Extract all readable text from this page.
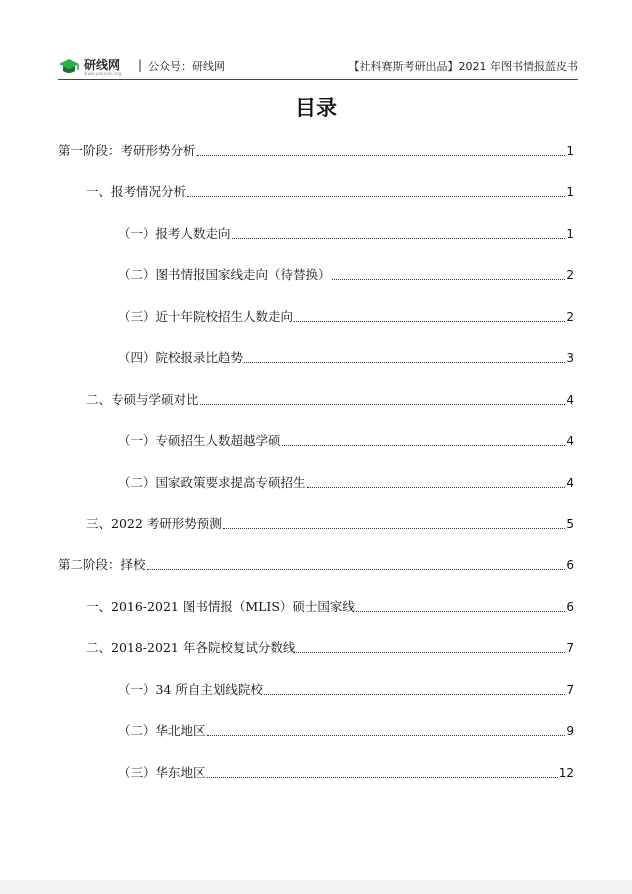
研线网
www.yanxian.org
| 公众号：研线网	【社科赛斯考研出品】2021 年图书情报蓝皮书
目录
第一阶段：考研形势分析	1
一、报考情况分析	1
（一）报考人数走向	1
（二）图书情报国家线走向（待替换）	2
（三）近十年院校招生人数走向	2
（四）院校报录比趋势	3
二、专硕与学硕对比	4
（一）专硕招生人数超越学硕	4
（二）国家政策要求提高专硕招生	4
三、2022 考研形势预测	5
第二阶段：择校	6
一、2016-2021 图书情报（MLIS）硕士国家线	6
二、2018-2021 年各院校复试分数线	7
（一）34 所自主划线院校	7
（二）华北地区	9
（三）华东地区	12
